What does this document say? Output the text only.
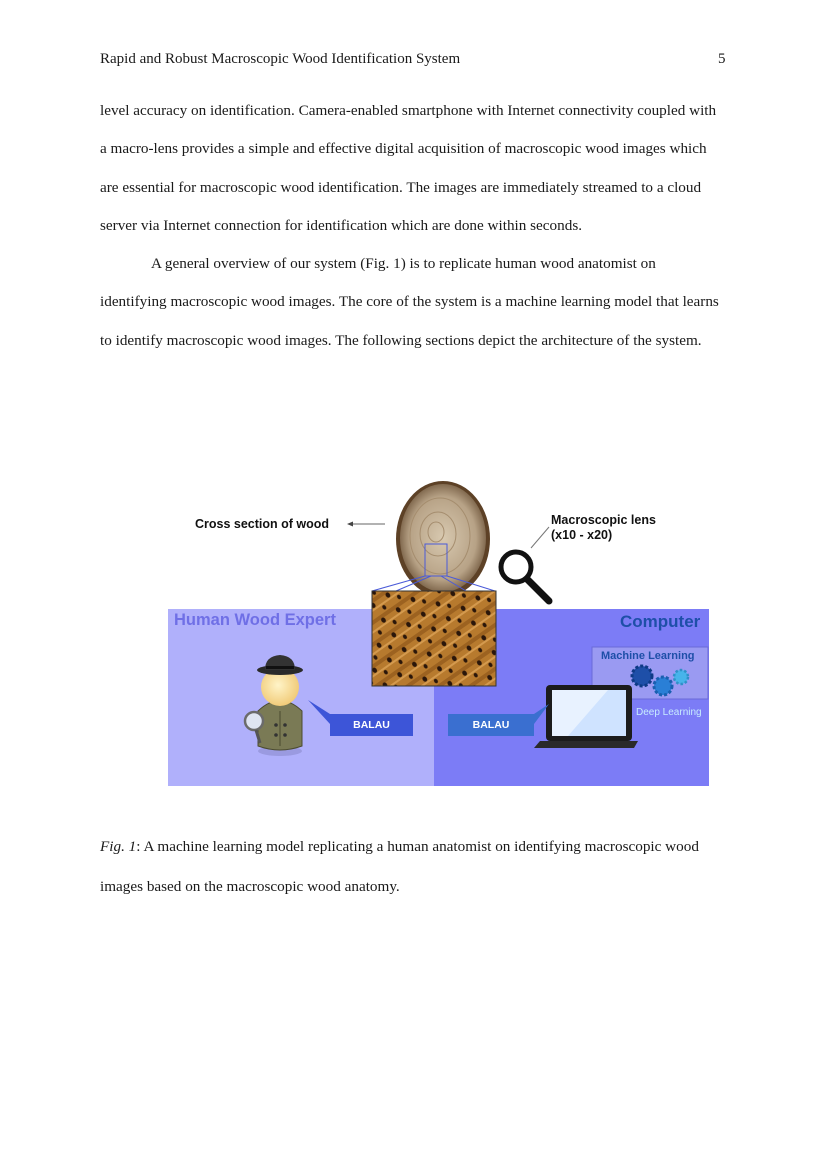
Rapid and Robust Macroscopic Wood Identification System	5

level accuracy on identification. Camera-enabled smartphone with Internet connectivity coupled with a macro-lens provides a simple and effective digital acquisition of macroscopic wood images which are essential for macroscopic wood identification. The images are immediately streamed to a cloud server via Internet connection for identification which are done within seconds.

A general overview of our system (Fig. 1) is to replicate human wood anatomist on identifying macroscopic wood images. The core of the system is a machine learning model that learns to identify macroscopic wood images. The following sections depict the architecture of the system.

Cross section of wood	Macroscopic lens
(x10 - x20)
Human Wood Expert	Computer
Machine Learning
Deep Learning
BALAU	BALAU

Fig. 1: A machine learning model replicating a human anatomist on identifying macroscopic wood images based on the macroscopic wood anatomy.
